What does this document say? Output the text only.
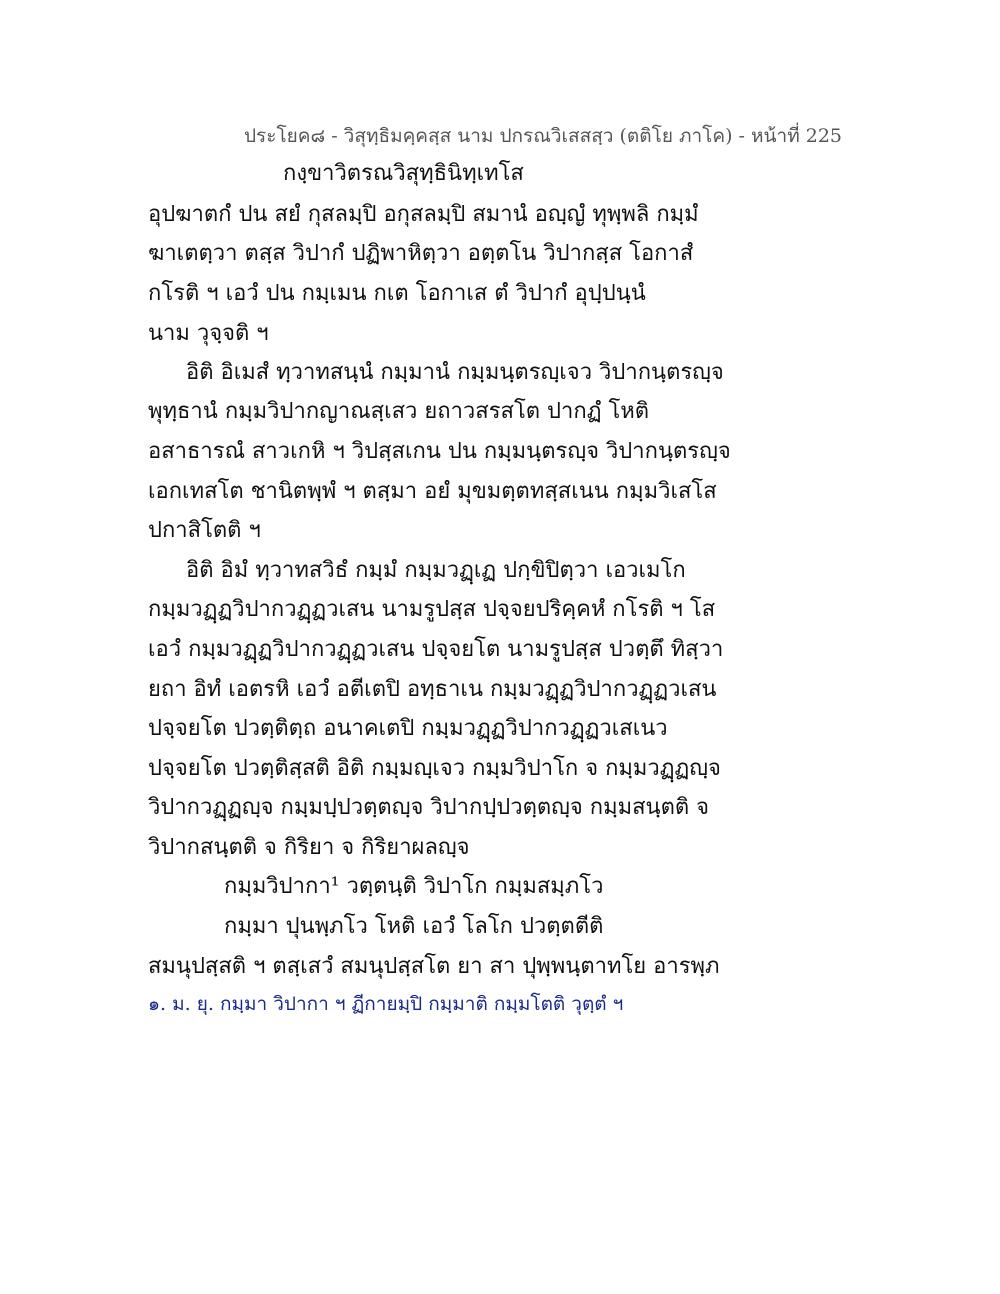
ประโยค๘ - วิสุทฺธิมคฺคสฺส นาม ปกรณวิเสสสฺว (ตติโย ภาโค) - หน้าที่ 225
กงฺขาวิตรณวิสุทฺธินิทฺเทโส
อุปฆาตกํ ปน สยํ กุสลมฺปิ อกุสลมฺปิ สมานํ อญฺญํ ทุพฺพลิ กมฺมํ
ฆาเตตฺวา ตสฺส วิปากํ ปฏิพาหิตฺวา อตฺตโน วิปากสฺส โอกาสํ
กโรติ ฯ เอวํ ปน กมฺเมน กเต โอกาเส ตํ วิปากํ อุปฺปนฺนํ
นาม วุจฺจติ ฯ
อิติ อิเมสํ ทฺวาทสนฺนํ กมฺมานํ กมฺมนฺตรญฺเจว วิปากนฺตรญฺจ
พุทฺธานํ กมฺมวิปากญาณสฺเสว ยถาวสรสโต ปากฏํ โหติ
อสาธารณํ สาวเกหิ ฯ วิปสฺสเกน ปน กมฺมนฺตรญฺจ วิปากนฺตรญฺจ
เอกเทสโต ชานิตพฺพํ ฯ ตสฺมา อยํ มุขมตฺตทสฺสเนน กมฺมวิเสโส
ปกาสิโตติ ฯ
อิติ อิมํ ทฺวาทสวิธํ กมฺมํ กมฺมวฏฺเฏ ปกฺขิปิตฺวา เอวเมโก
กมฺมวฏฺฏวิปากวฏฺฏวเสน นามรูปสฺส ปจฺจยปริคฺคหํ กโรติ ฯ โส
เอวํ กมฺมวฏฺฏวิปากวฏฺฏวเสน ปจฺจยโต นามรูปสฺส ปวตฺตึ ทิสฺวา
ยถา อิทํ เอตรหิ เอวํ อตีเตปิ อทฺธาเน กมฺมวฏฺฏวิปากวฏฺฏวเสน
ปจฺจยโต ปวตฺติตฺถ อนาคเตปิ กมฺมวฏฺฏวิปากวฏฺฏวเสเนว
ปจฺจยโต ปวตฺติสฺสติ อิติ กมฺมญฺเจว กมฺมวิปาโก จ กมฺมวฏฺฏญฺจ
วิปากวฏฺฏญฺจ กมฺมปฺปวตฺตญฺจ วิปากปฺปวตฺตญฺจ กมฺมสนฺตติ จ
วิปากสนฺตติ จ กิริยา จ กิริยาผลญฺจ
กมฺมวิปากา¹ วตฺตนฺติ วิปาโก กมฺมสมฺภโว
กมฺมา ปุนพฺภโว โหติ เอวํ โลโก ปวตฺตตีติ
สมนุปสฺสติ ฯ ตสฺเสวํ สมนุปสฺสโต ยา สา ปุพฺพนฺตาทโย อารพฺภ
๑. ม. ยุ. กมฺมา วิปากา ฯ ฏีกายมฺปิ กมฺมาติ กมฺมโตติ วุตฺตํ ฯ
